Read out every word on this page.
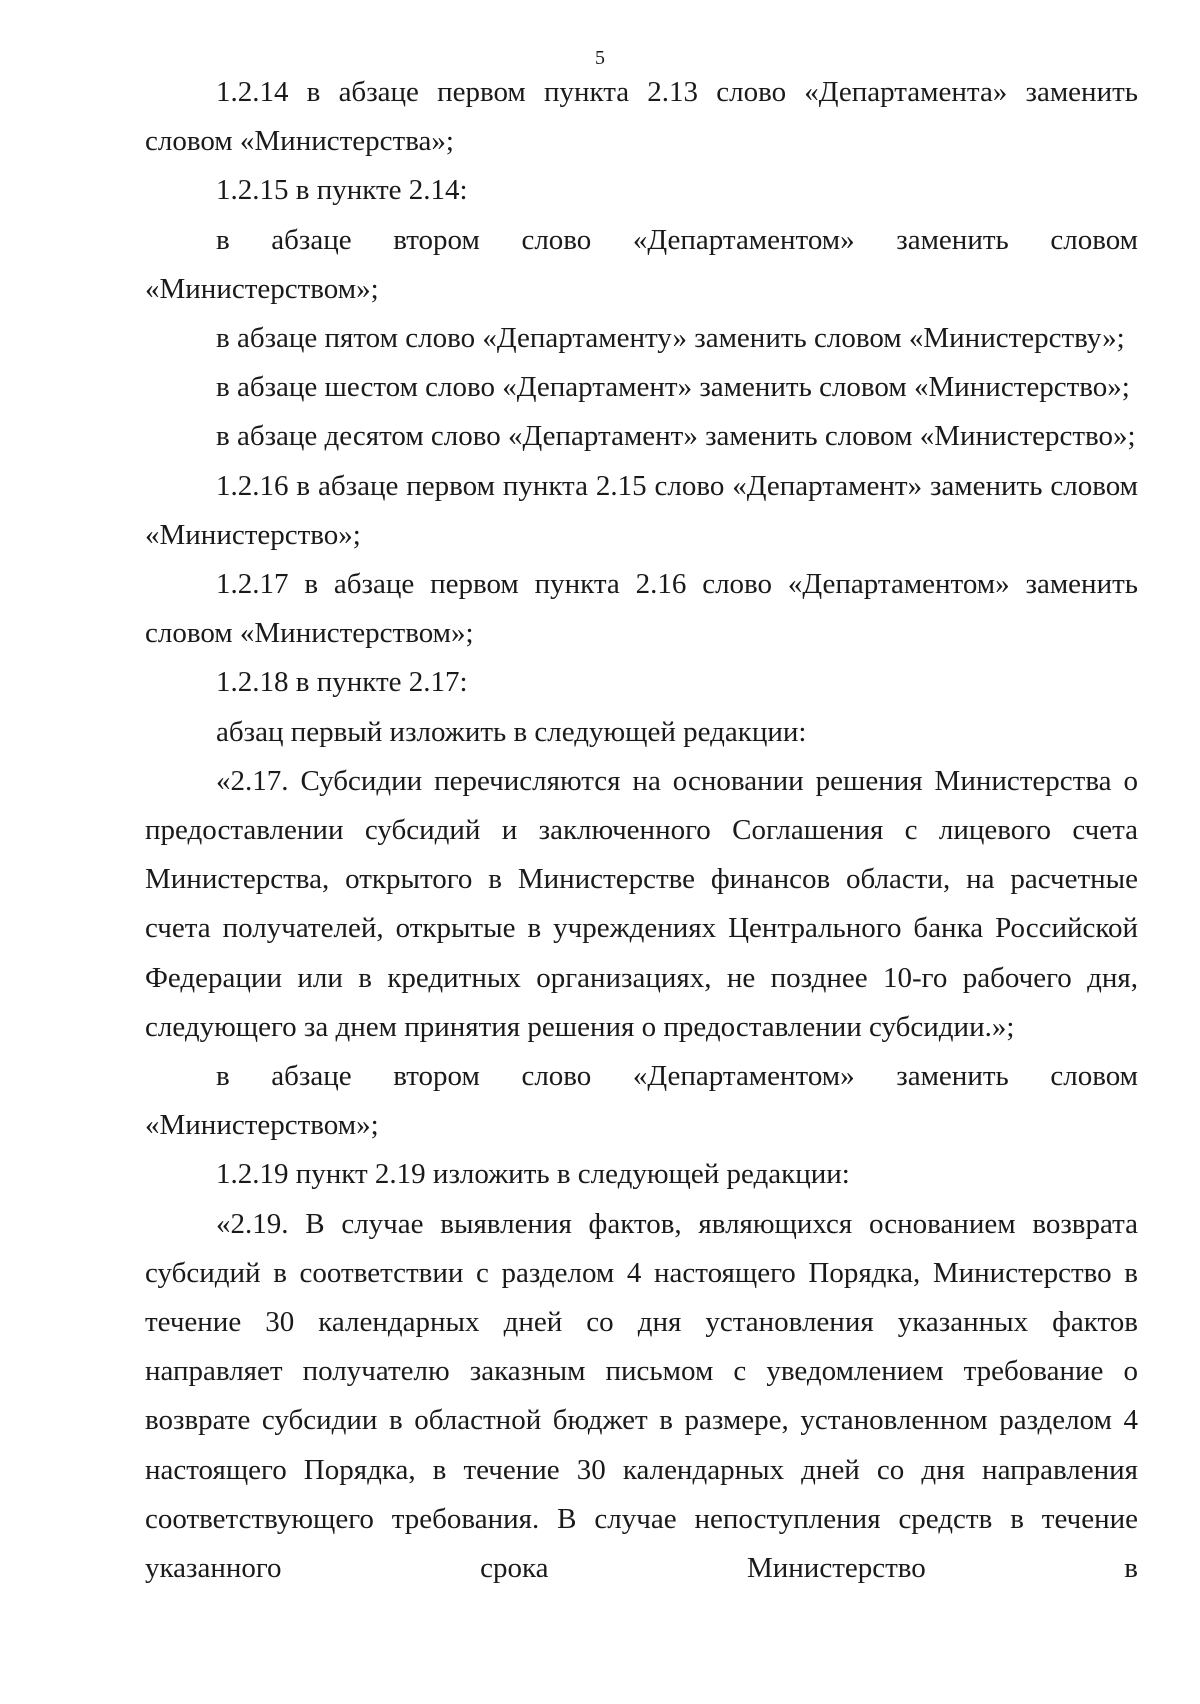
5

1.2.14 в абзаце первом пункта 2.13 слово «Департамента» заменить словом «Министерства»;

1.2.15 в пункте 2.14:

в абзаце втором слово «Департаментом» заменить словом «Министерством»;

в абзаце пятом слово «Департаменту» заменить словом «Министерству»;

в абзаце шестом слово «Департамент» заменить словом «Министерство»;

в абзаце десятом слово «Департамент» заменить словом «Министерство»;

1.2.16 в абзаце первом пункта 2.15 слово «Департамент» заменить словом «Министерство»;

1.2.17 в абзаце первом пункта 2.16 слово «Департаментом» заменить словом «Министерством»;

1.2.18 в пункте 2.17:

абзац первый изложить в следующей редакции:

«2.17. Субсидии перечисляются на основании решения Министерства о предоставлении субсидий и заключенного Соглашения с лицевого счета Министерства, открытого в Министерстве финансов области, на расчетные счета получателей, открытые в учреждениях Центрального банка Российской Федерации или в кредитных организациях, не позднее 10-го рабочего дня, следующего за днем принятия решения о предоставлении субсидии.»;

в абзаце втором слово «Департаментом» заменить словом «Министерством»;

1.2.19 пункт 2.19 изложить в следующей редакции:

«2.19. В случае выявления фактов, являющихся основанием возврата субсидий в соответствии с разделом 4 настоящего Порядка, Министерство в течение 30 календарных дней со дня установления указанных фактов направляет получателю заказным письмом с уведомлением требование о возврате субсидии в областной бюджет в размере, установленном разделом 4 настоящего Порядка, в течение 30 календарных дней со дня направления соответствующего требования. В случае непоступления средств в течение указанного срока Министерство в
